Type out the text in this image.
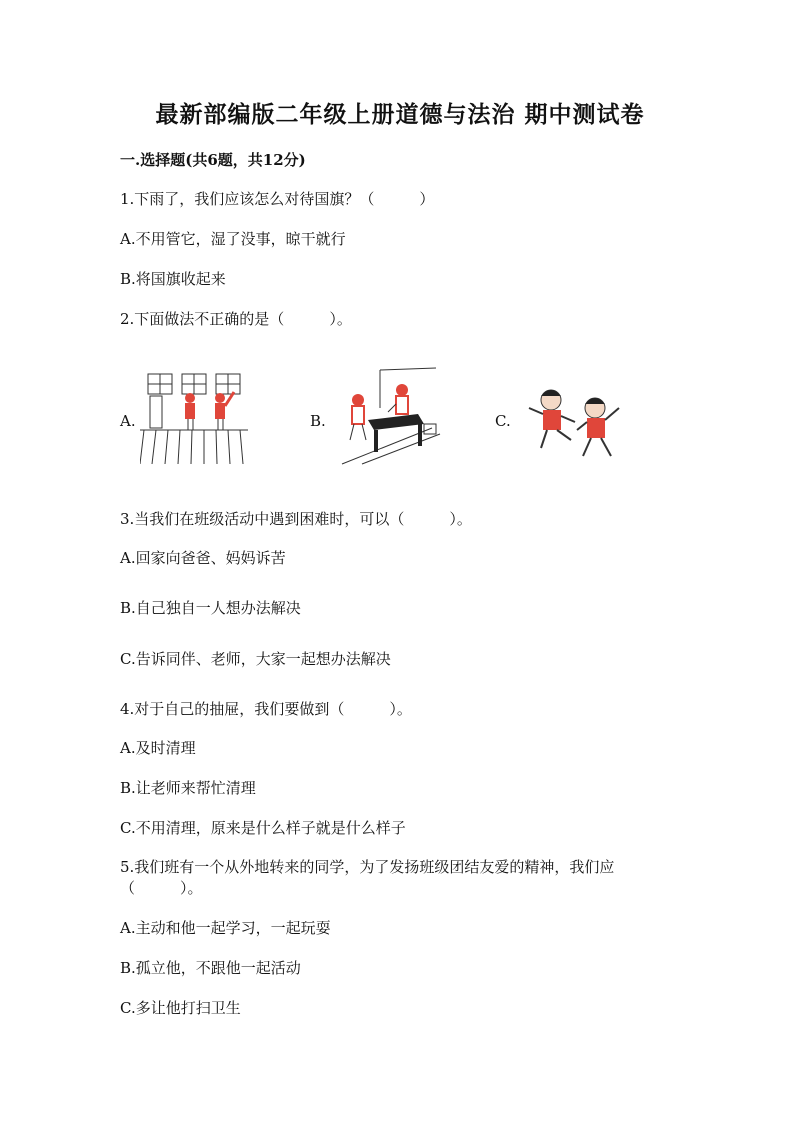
最新部编版二年级上册道德与法治 期中测试卷
一.选择题(共6题，共12分)
1.下雨了，我们应该怎么对待国旗？（　　　）
A.不用管它，湿了没事，晾干就行
B.将国旗收起来
2.下面做法不正确的是（　　　）。
A.	B.	C.
3.当我们在班级活动中遇到困难时，可以（　　　）。
A.回家向爸爸、妈妈诉苦
B.自己独自一人想办法解决
C.告诉同伴、老师，大家一起想办法解决
4.对于自己的抽屉，我们要做到（　　　）。
A.及时清理
B.让老师来帮忙清理
C.不用清理，原来是什么样子就是什么样子
5.我们班有一个从外地转来的同学，为了发扬班级团结友爱的精神，我们应
（　　　）。
A.主动和他一起学习，一起玩耍
B.孤立他，不跟他一起活动
C.多让他打扫卫生
